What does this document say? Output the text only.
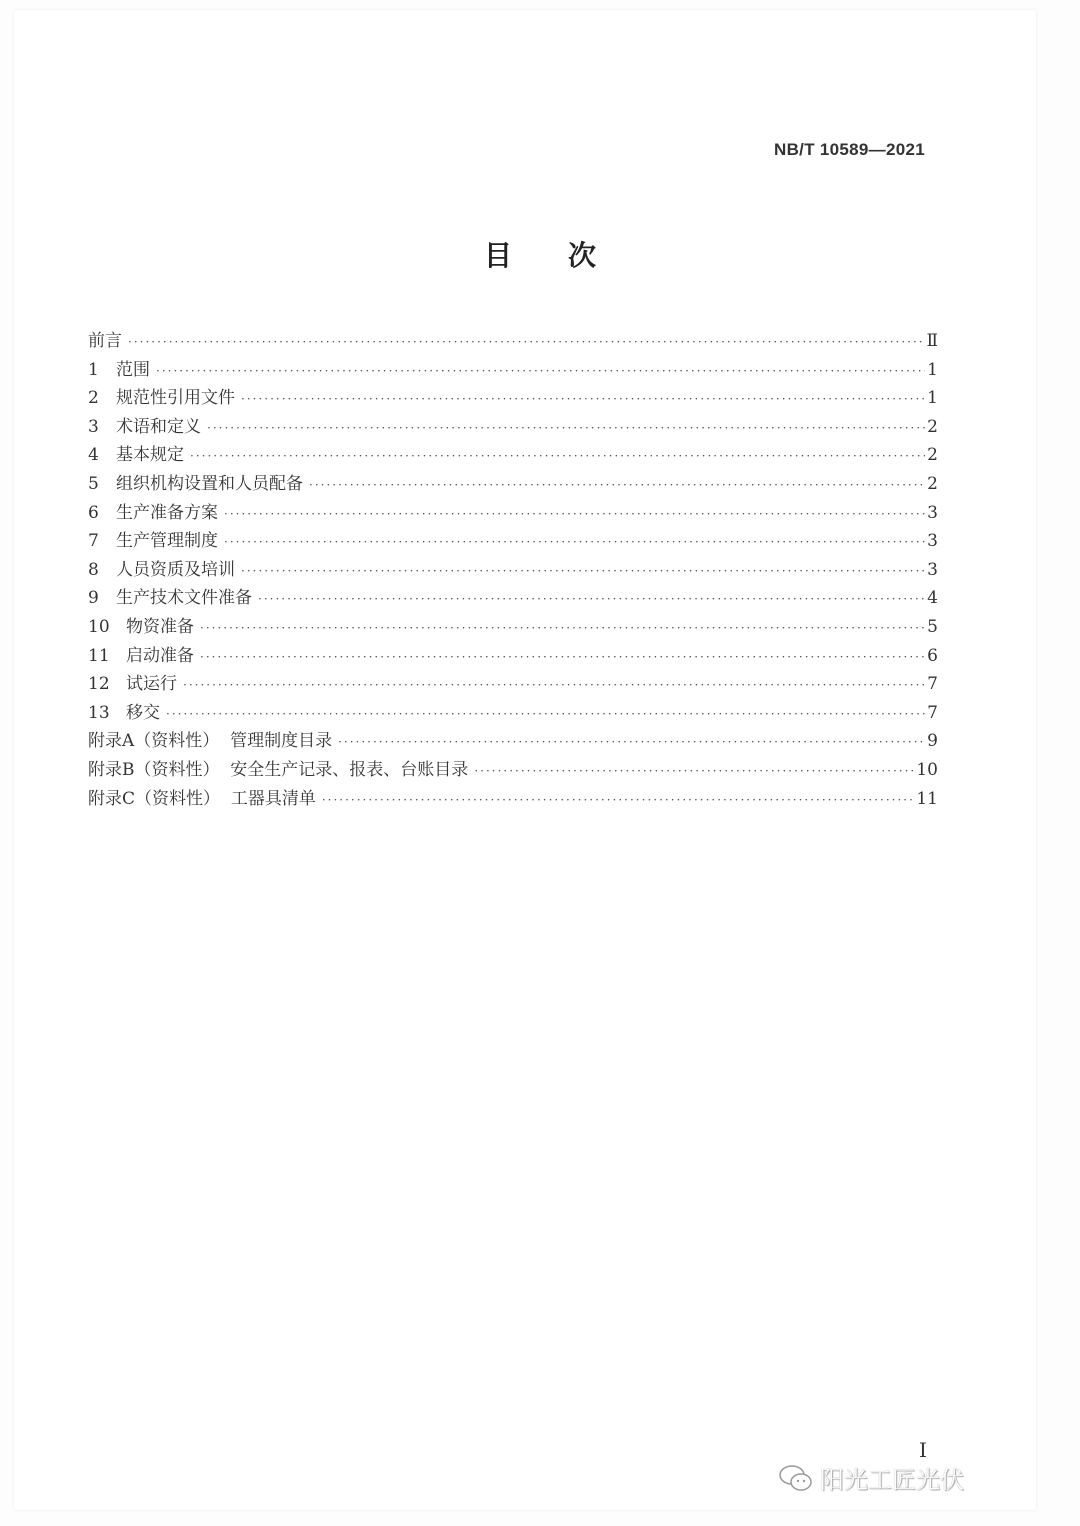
NB/T 10589—2021
目次
前言 ·····	Ⅱ
1	范围 ·····	1
2	规范性引用文件 ·····	1
3	术语和定义 ·····	2
4	基本规定 ·····	2
5	组织机构设置和人员配备 ·····	2
6	生产准备方案 ·····	3
7	生产管理制度 ·····	3
8	人员资质及培训 ·····	3
9	生产技术文件准备 ·····	4
10 物资准备 ·····	5
11 启动准备 ·····	6
12 试运行 ·····	7
13 移交 ·····	7
附录A（资料性）  管理制度目录 ·····	9
附录B（资料性）  安全生产记录、报表、台账目录 ·····	10
附录C（资料性）  工器具清单 ·····	11
I
阳光工匠光伏
